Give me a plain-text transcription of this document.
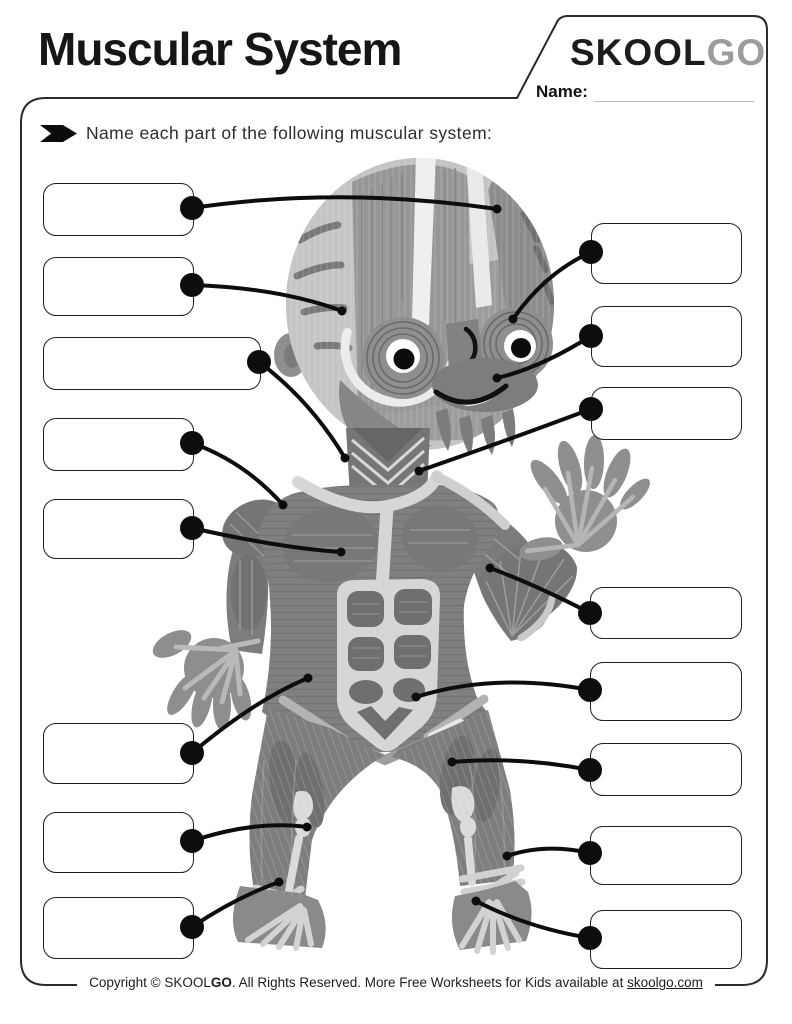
Muscular System	SKOOLGO
Name:
Name each part of the following muscular system:
Copyright © SKOOLGO. All Rights Reserved. More Free Worksheets for Kids available at skoolgo.com
